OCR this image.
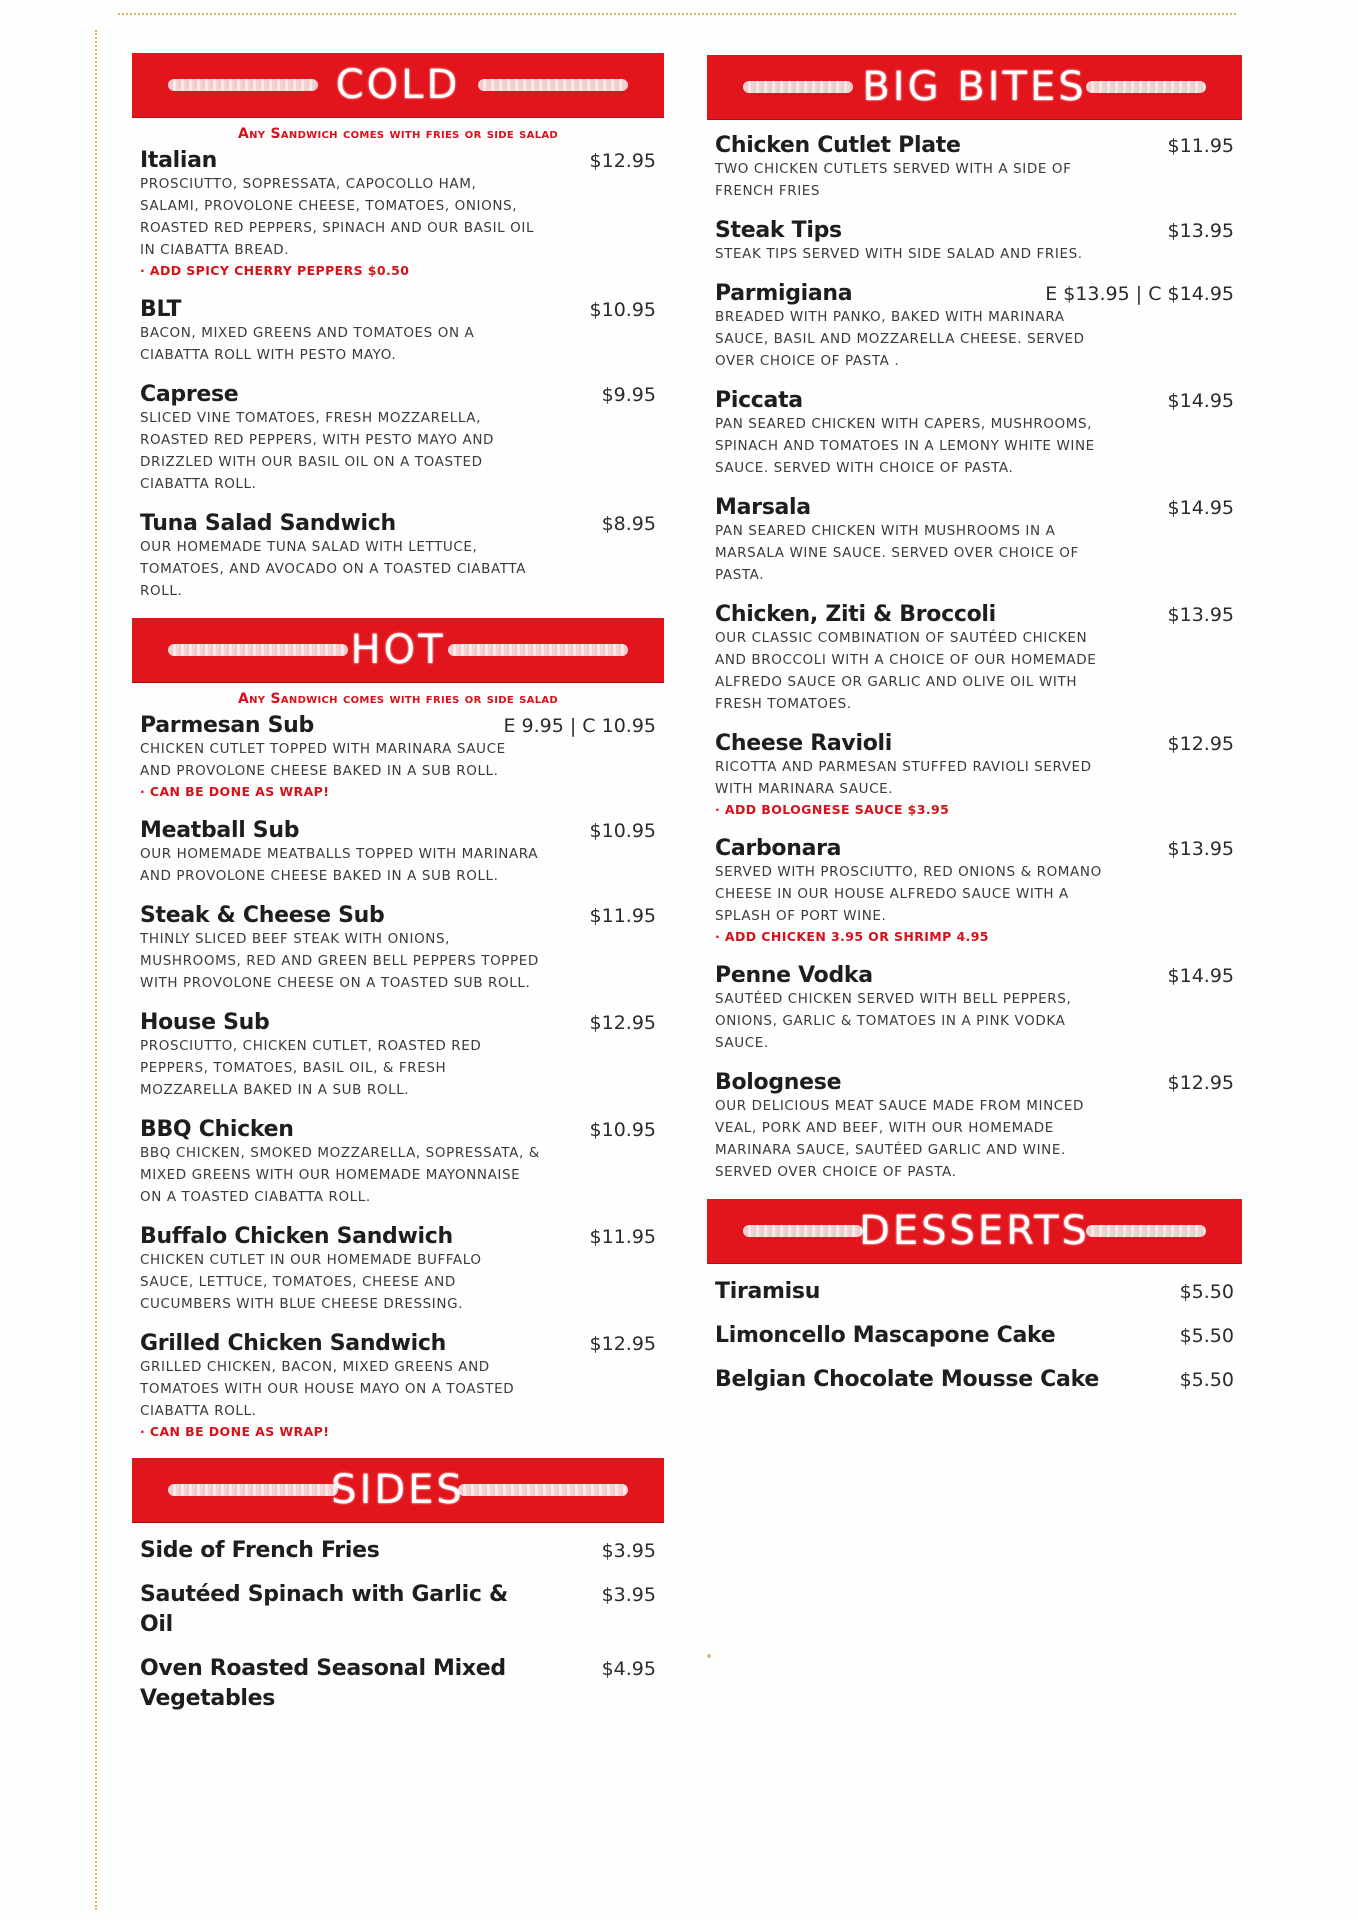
COLD
Any Sandwich comes with fries or side salad
Italian	$12.95
PROSCIUTTO, SOPRESSATA, CAPOCOLLO HAM, SALAMI, PROVOLONE CHEESE, TOMATOES, ONIONS, ROASTED RED PEPPERS, SPINACH AND OUR BASIL OIL IN CIABATTA BREAD.
· ADD SPICY CHERRY PEPPERS $0.50
BLT	$10.95
BACON, MIXED GREENS AND TOMATOES ON A CIABATTA ROLL WITH PESTO MAYO.
Caprese	$9.95
SLICED VINE TOMATOES, FRESH MOZZARELLA, ROASTED RED PEPPERS, WITH PESTO MAYO AND DRIZZLED WITH OUR BASIL OIL ON A TOASTED CIABATTA ROLL.
Tuna Salad Sandwich	$8.95
OUR HOMEMADE TUNA SALAD WITH LETTUCE, TOMATOES, AND AVOCADO ON A TOASTED CIABATTA ROLL.
HOT
Any Sandwich comes with fries or side salad
Parmesan Sub	E 9.95 | C 10.95
CHICKEN CUTLET TOPPED WITH MARINARA SAUCE AND PROVOLONE CHEESE BAKED IN A SUB ROLL.
· CAN BE DONE AS WRAP!
Meatball Sub	$10.95
OUR HOMEMADE MEATBALLS TOPPED WITH MARINARA AND PROVOLONE CHEESE BAKED IN A SUB ROLL.
Steak & Cheese Sub	$11.95
THINLY SLICED BEEF STEAK WITH ONIONS, MUSHROOMS, RED AND GREEN BELL PEPPERS TOPPED WITH PROVOLONE CHEESE ON A TOASTED SUB ROLL.
House Sub	$12.95
PROSCIUTTO, CHICKEN CUTLET, ROASTED RED PEPPERS, TOMATOES, BASIL OIL, & FRESH MOZZARELLA BAKED IN A SUB ROLL.
BBQ Chicken	$10.95
BBQ CHICKEN, SMOKED MOZZARELLA, SOPRESSATA, & MIXED GREENS WITH OUR HOMEMADE MAYONNAISE ON A TOASTED CIABATTA ROLL.
Buffalo Chicken Sandwich	$11.95
CHICKEN CUTLET IN OUR HOMEMADE BUFFALO SAUCE, LETTUCE, TOMATOES, CHEESE AND CUCUMBERS WITH BLUE CHEESE DRESSING.
Grilled Chicken Sandwich	$12.95
GRILLED CHICKEN, BACON, MIXED GREENS AND TOMATOES WITH OUR HOUSE MAYO ON A TOASTED CIABATTA ROLL.
· CAN BE DONE AS WRAP!
SIDES
Side of French Fries	$3.95
Sautéed Spinach with Garlic & Oil
$3.95
Oven Roasted Seasonal Mixed Vegetables
$4.95
BIG BITES
Chicken Cutlet Plate	$11.95
TWO CHICKEN CUTLETS SERVED WITH A SIDE OF FRENCH FRIES
Steak Tips	$13.95
STEAK TIPS SERVED WITH SIDE SALAD AND FRIES.
Parmigiana	E $13.95 | C $14.95
BREADED WITH PANKO, BAKED WITH MARINARA SAUCE, BASIL AND MOZZARELLA CHEESE. SERVED OVER CHOICE OF PASTA .
Piccata	$14.95
PAN SEARED CHICKEN WITH CAPERS, MUSHROOMS, SPINACH AND TOMATOES IN A LEMONY WHITE WINE SAUCE. SERVED WITH CHOICE OF PASTA.
Marsala	$14.95
PAN SEARED CHICKEN WITH MUSHROOMS IN A MARSALA WINE SAUCE. SERVED OVER CHOICE OF PASTA.
Chicken, Ziti & Broccoli	$13.95
OUR CLASSIC COMBINATION OF SAUTÉED CHICKEN AND BROCCOLI WITH A CHOICE OF OUR HOMEMADE ALFREDO SAUCE OR GARLIC AND OLIVE OIL WITH FRESH TOMATOES.
Cheese Ravioli	$12.95
RICOTTA AND PARMESAN STUFFED RAVIOLI SERVED WITH MARINARA SAUCE.
· ADD BOLOGNESE SAUCE $3.95
Carbonara	$13.95
SERVED WITH PROSCIUTTO, RED ONIONS & ROMANO CHEESE IN OUR HOUSE ALFREDO SAUCE WITH A SPLASH OF PORT WINE.
· ADD CHICKEN 3.95 OR SHRIMP 4.95
Penne Vodka	$14.95
SAUTÉED CHICKEN SERVED WITH BELL PEPPERS, ONIONS, GARLIC & TOMATOES IN A PINK VODKA SAUCE.
Bolognese	$12.95
OUR DELICIOUS MEAT SAUCE MADE FROM MINCED VEAL, PORK AND BEEF, WITH OUR HOMEMADE MARINARA SAUCE, SAUTÉED GARLIC AND WINE. SERVED OVER CHOICE OF PASTA.
DESSERTS
Tiramisu	$5.50
Limoncello Mascapone Cake	$5.50
Belgian Chocolate Mousse Cake	$5.50
